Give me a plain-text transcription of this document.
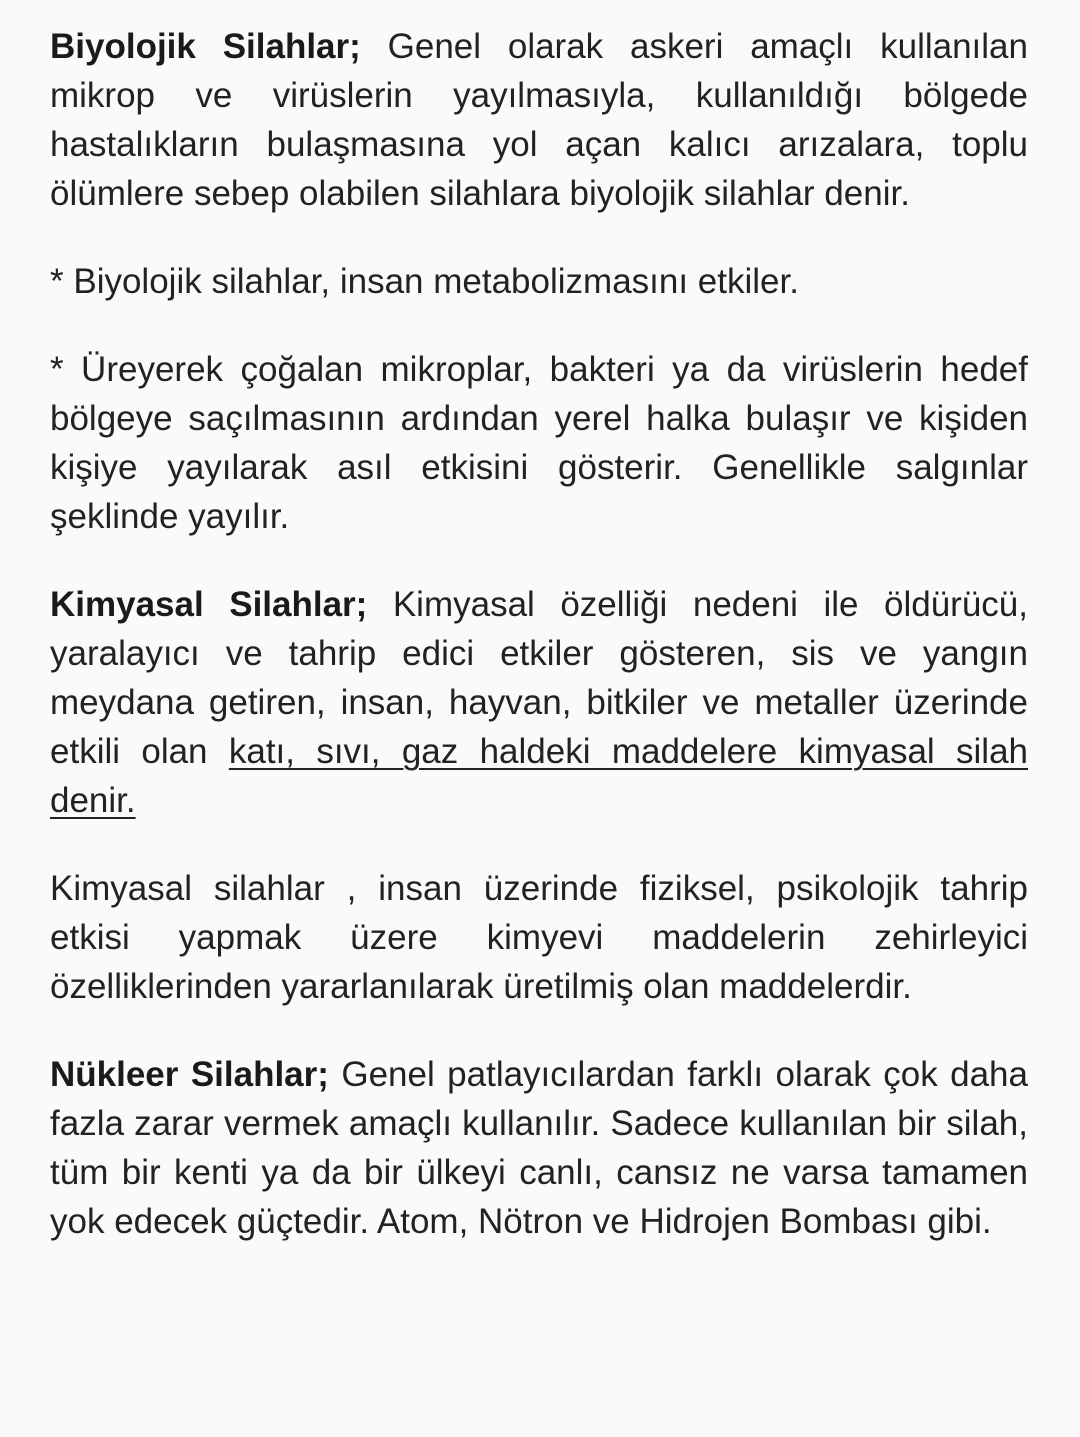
Biyolojik Silahlar; Genel olarak askeri amaçlı kullanılan mikrop ve virüslerin yayılmasıyla, kullanıldığı bölgede hastalıkların bulaşmasına yol açan kalıcı arızalara, toplu ölümlere sebep olabilen silahlara biyolojik silahlar denir.

* Biyolojik silahlar, insan metabolizmasını etkiler.

* Üreyerek çoğalan mikroplar, bakteri ya da virüslerin hedef bölgeye saçılmasının ardından yerel halka bulaşır ve kişiden kişiye yayılarak asıl etkisini gösterir. Genellikle salgınlar şeklinde yayılır.

Kimyasal Silahlar; Kimyasal özelliği nedeni ile öldürücü, yaralayıcı ve tahrip edici etkiler gösteren, sis ve yangın meydana getiren, insan, hayvan, bitkiler ve metaller üzerinde etkili olan katı, sıvı, gaz haldeki maddelere kimyasal silah denir.

Kimyasal silahlar , insan üzerinde fiziksel, psikolojik tahrip etkisi yapmak üzere kimyevi maddelerin zehirleyici özelliklerinden yararlanılarak üretilmiş olan maddelerdir.

Nükleer Silahlar; Genel patlayıcılardan farklı olarak çok daha fazla zarar vermek amaçlı kullanılır. Sadece kullanılan bir silah, tüm bir kenti ya da bir ülkeyi canlı, cansız ne varsa tamamen yok edecek güçtedir. Atom, Nötron ve Hidrojen Bombası gibi.
